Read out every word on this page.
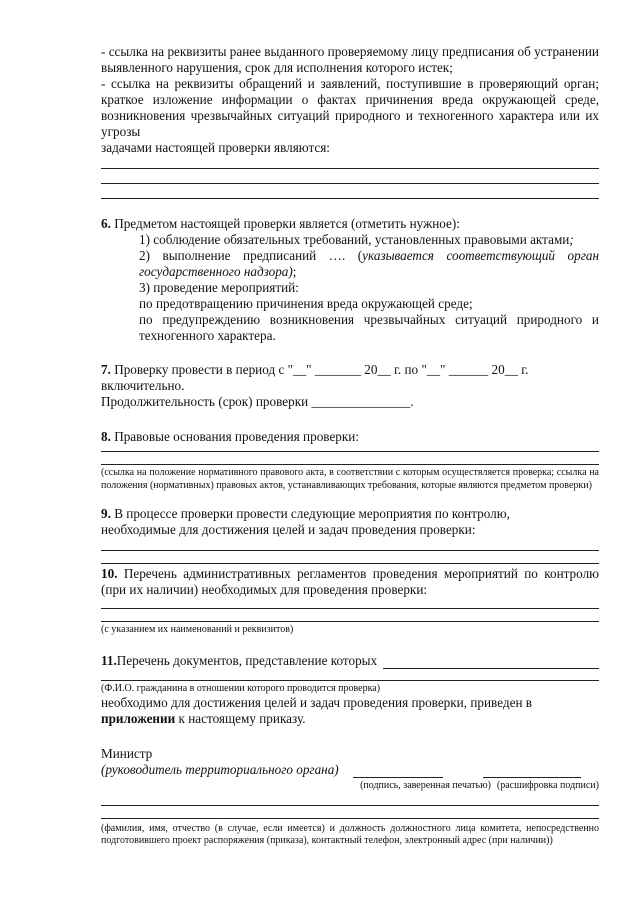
- ссылка на реквизиты ранее выданного проверяемому лицу предписания об устранении выявленного нарушения, срок для исполнения которого истек;

- ссылка на реквизиты обращений и заявлений, поступившие в проверяющий орган; краткое изложение информации о фактах причинения вреда окружающей среде, возникновения чрезвычайных ситуаций природного и техногенного характера или их угрозы

задачами настоящей проверки являются:

6. Предметом настоящей проверки является (отметить нужное):

1) соблюдение обязательных требований, установленных правовыми актами;

2) выполнение предписаний …. (указывается соответствующий орган государственного надзора);

3) проведение мероприятий:

по предотвращению причинения вреда окружающей среде;

по предупреждению возникновения чрезвычайных ситуаций природного и техногенного характера.

7. Проверку провести в период с "__" _______ 20__ г. по "__" ______ 20__ г. включительно.

Продолжительность (срок) проверки _______________.

8. Правовые основания проведения проверки:

(ссылка на положение нормативного правового акта, в соответствии с которым осуществляется проверка; ссылка на положения (нормативных) правовых актов, устанавливающих требования, которые являются предметом проверки)

9. В процессе проверки провести следующие мероприятия по контролю,

необходимые для достижения целей и задач проведения проверки:

10. Перечень административных регламентов проведения мероприятий по контролю (при их наличии) необходимых для проведения проверки:

(с указанием их наименований и реквизитов)

11. Перечень документов, представление которых

(Ф.И.О. гражданина в отношении которого проводится проверка)

необходимо для достижения целей и задач проведения проверки, приведен в приложении к настоящему приказу.

Министр

(руководитель территориального органа)
(подпись, заверенная печатью) (расшифровка подписи)

(фамилия, имя, отчество (в случае, если имеется) и должность должностного лица комитета, непосредственно подготовившего проект распоряжения (приказа), контактный телефон, электронный адрес (при наличии))
